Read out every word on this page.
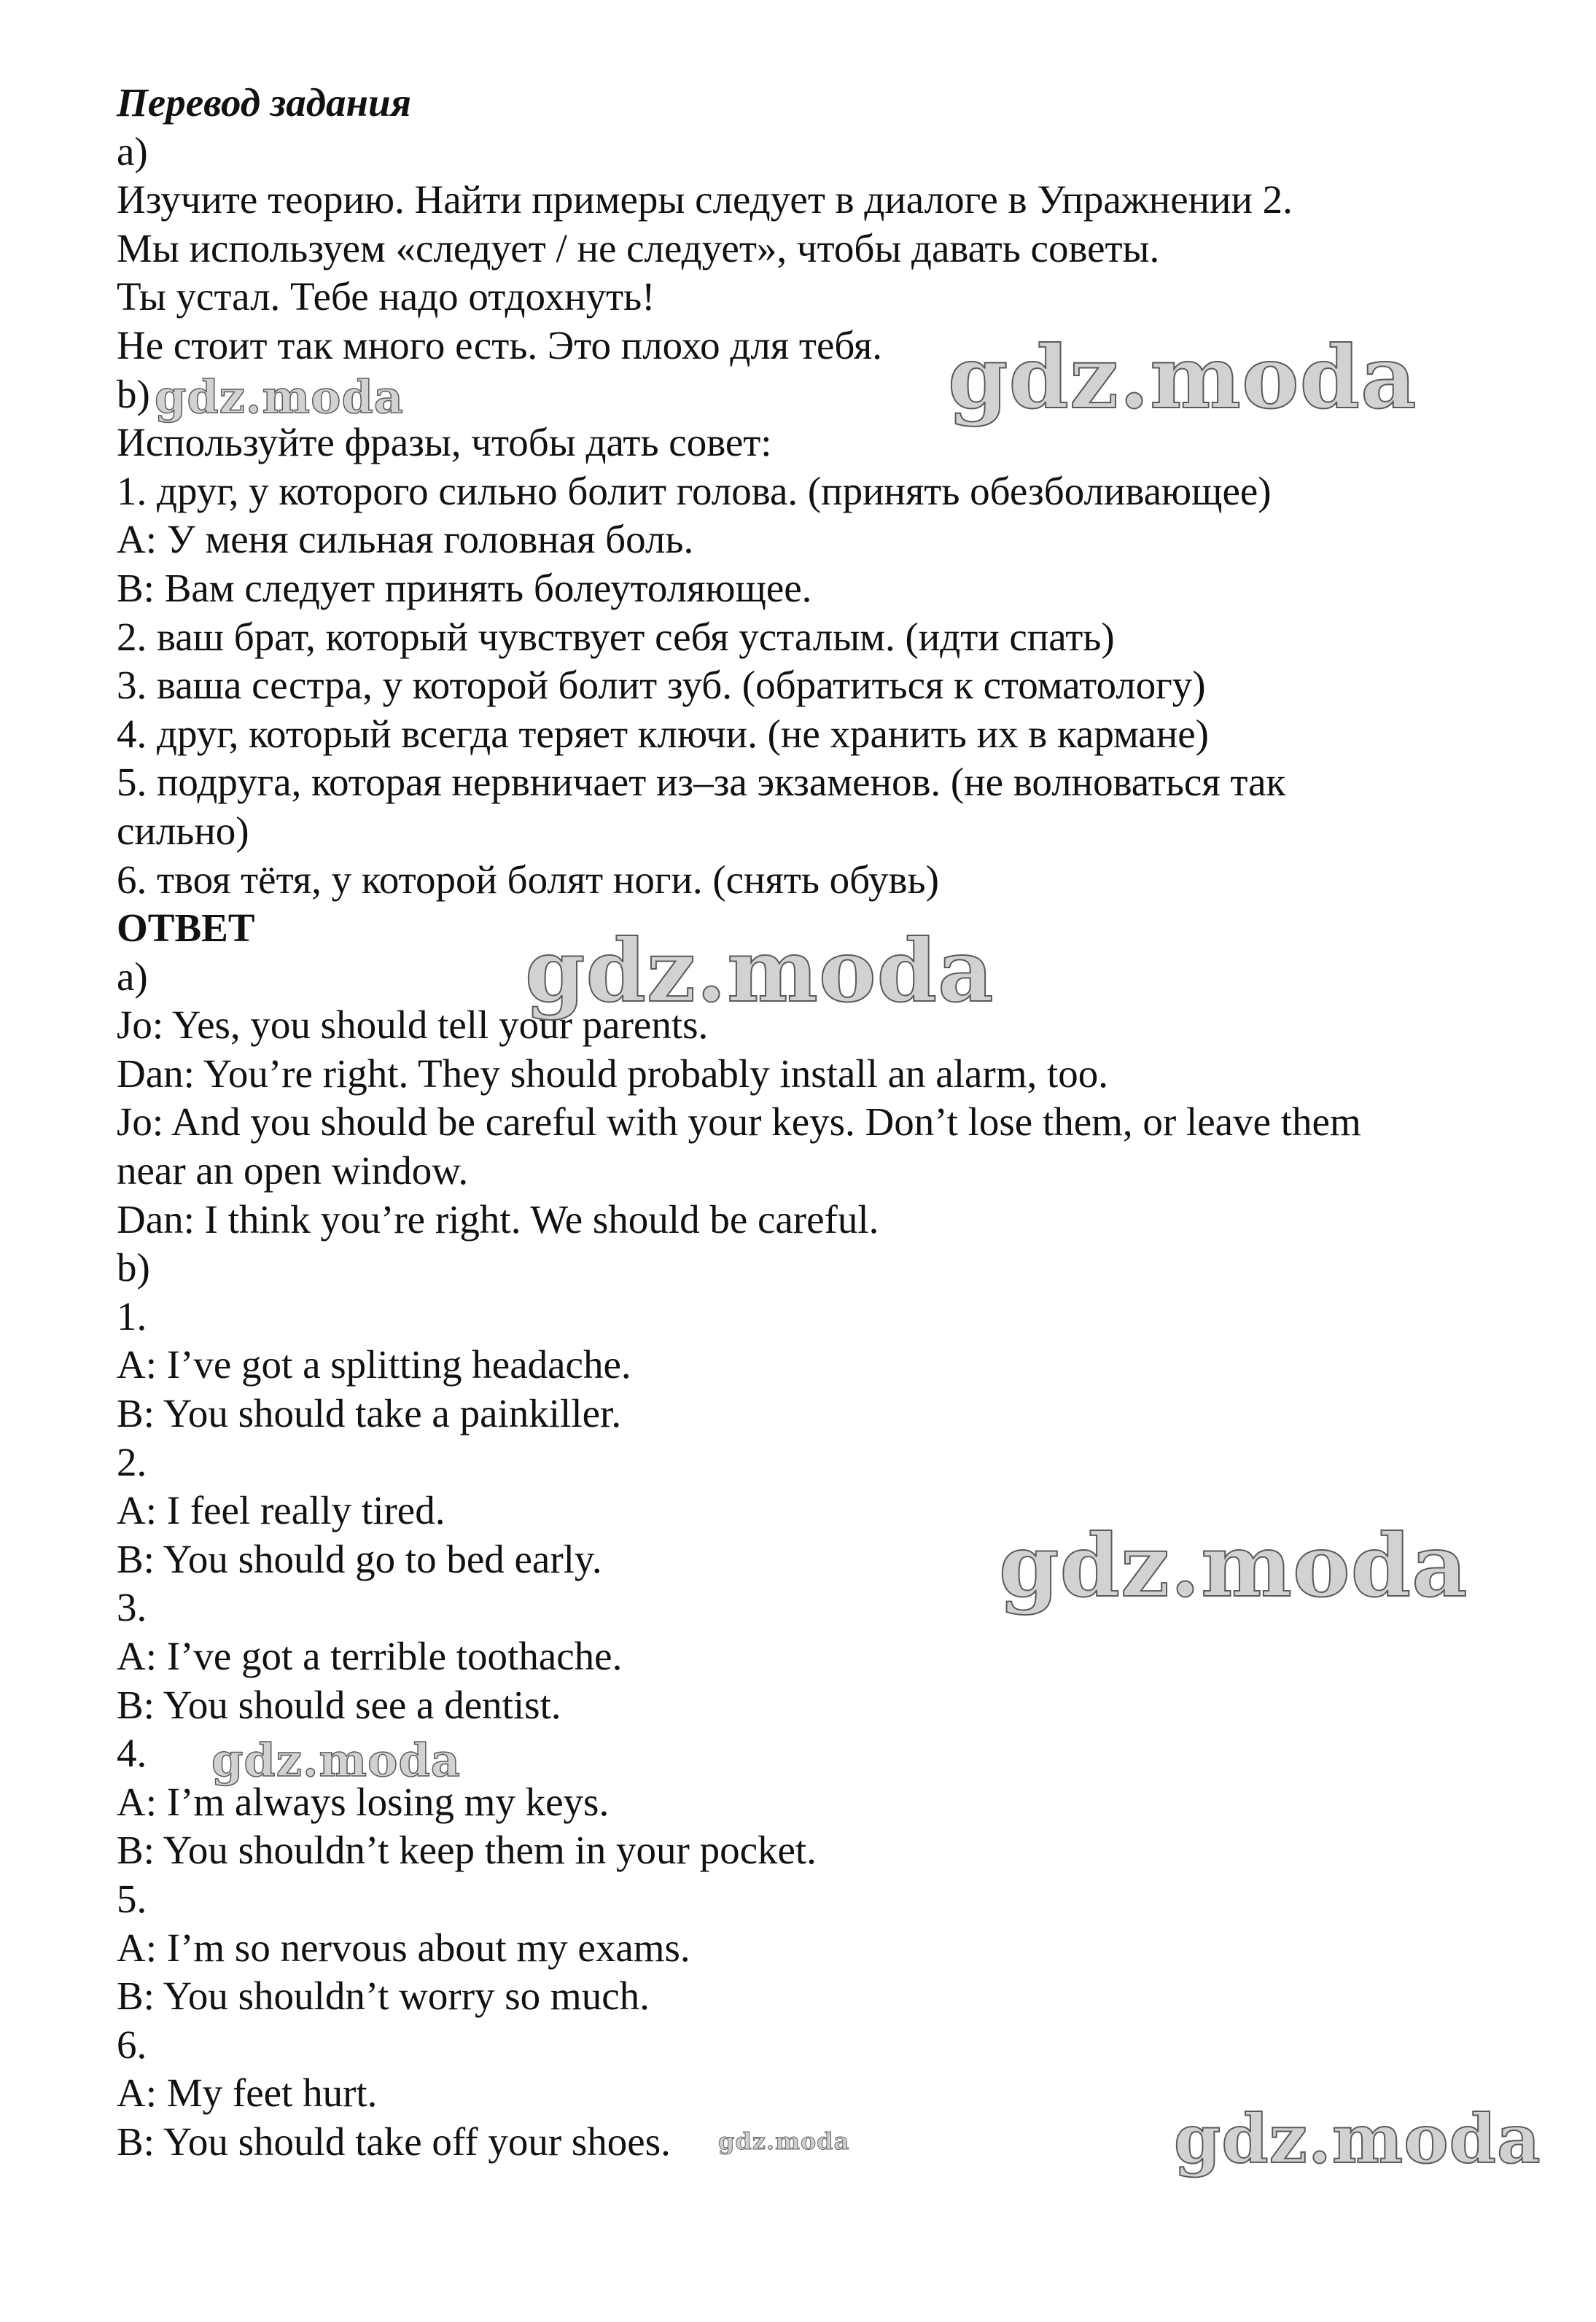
Перевод задания
a)
Изучите теорию. Найти примеры следует в диалоге в Упражнении 2.
Мы используем «следует / не следует», чтобы давать советы.
Ты устал. Тебе надо отдохнуть!
Не стоит так много есть. Это плохо для тебя.
b)
Используйте фразы, чтобы дать совет:
1. друг, у которого сильно болит голова. (принять обезболивающее)
A: У меня сильная головная боль.
B: Вам следует принять болеутоляющее.
2. ваш брат, который чувствует себя усталым. (идти спать)
3. ваша сестра, у которой болит зуб. (обратиться к стоматологу)
4. друг, который всегда теряет ключи. (не хранить их в кармане)
5. подруга, которая нервничает из–за экзаменов. (не волноваться так
сильно)
6. твоя тётя, у которой болят ноги. (снять обувь)
ОТВЕТ
a)
Jo: Yes, you should tell your parents.
Dan: You’re right. They should probably install an alarm, too.
Jo: And you should be careful with your keys. Don’t lose them, or leave them
near an open window.
Dan: I think you’re right. We should be careful.
b)
1.
A: I’ve got a splitting headache.
B: You should take a painkiller.
2.
A: I feel really tired.
B: You should go to bed early.
3.
A: I’ve got a terrible toothache.
B: You should see a dentist.
4.
A: I’m always losing my keys.
B: You shouldn’t keep them in your pocket.
5.
A: I’m so nervous about my exams.
B: You shouldn’t worry so much.
6.
A: My feet hurt.
B: You should take off your shoes.
gdz.moda
gdz.moda
gdz.moda
gdz.moda
gdz.moda
gdz.moda	gdz.moda
